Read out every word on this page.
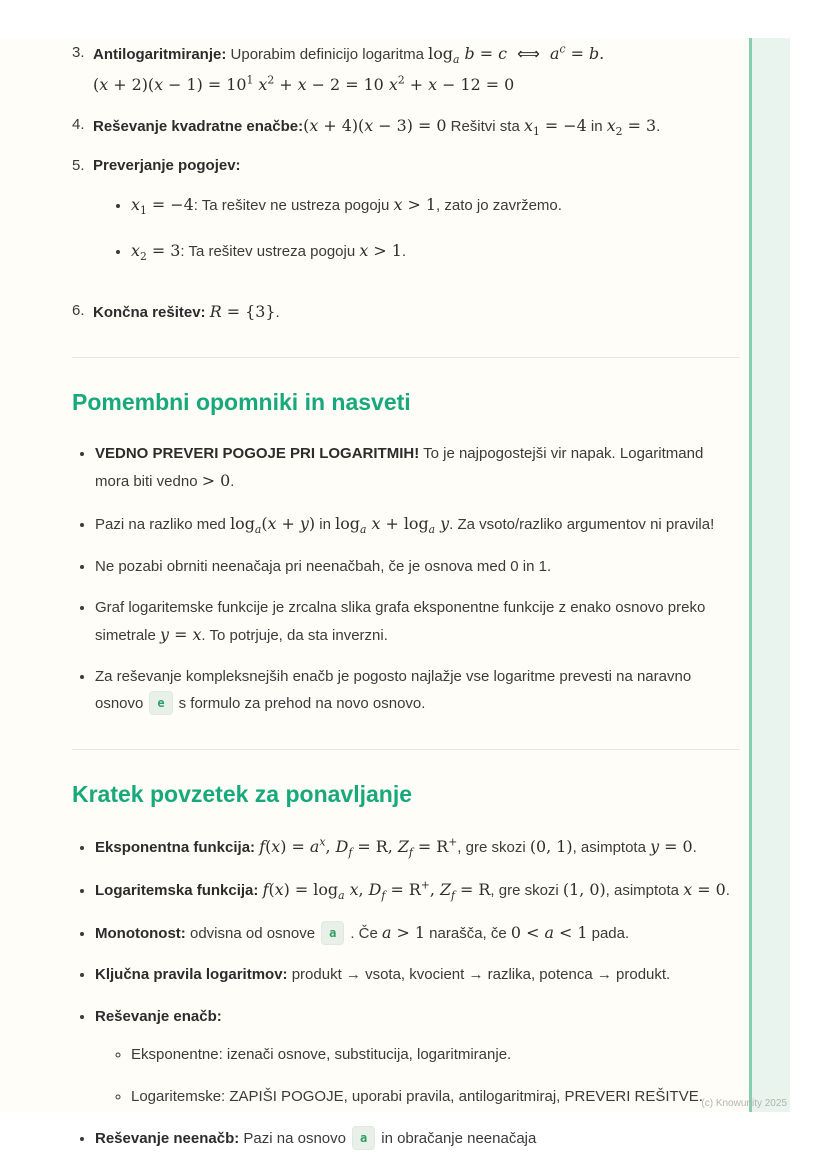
3. Antilogaritmiranje: Uporabim definicijo logaritma $\log_a b = c$ ⟺ $a^c = b$.
$(x + 2)(x - 1) = 10^1$ $x^2 + x - 2 = 10$ $x^2 + x - 12 = 0$
4. Reševanje kvadratne enačbe:(x + 4)(x − 3) = 0 Rešitvi sta $x_1 = -4$ in $x_2 = 3$.
5. Preverjanje pogojev:
• $x_1 = -4$: Ta rešitev ne ustreza pogoju x > 1, zato jo zavržemo.
• $x_2 = 3$: Ta rešitev ustreza pogoju x > 1.
6. Končna rešitev: R = {3}.
Pomembni opomniki in nasveti
• VEDNO PREVERI POGOJE PRI LOGARITMIH! To je najpogostejši vir napak. Logaritmand mora biti vedno > 0.
• Pazi na razliko med $\log_a(x + y)$ in $\log_a x + \log_a y$. Za vsoto/razliko argumentov ni pravila!
• Ne pozabi obrniti neenačaja pri neenačbah, če je osnova med 0 in 1.
• Graf logaritemske funkcije je zrcalna slika grafa eksponentne funkcije z enako osnovo preko simetrale y = x. To potrjuje, da sta inverzni.
• Za reševanje kompleksnejših enačb je pogosto najlažje vse logaritme prevesti na naravno osnovo e s formulo za prehod na novo osnovo.
Kratek povzetek za ponavljanje
• Eksponentna funkcija: $f(x) = a^x$, $D_f = R$, $Z_f = R^+$, gre skozi (0, 1), asimptota y = 0.
• Logaritemska funkcija: $f(x) = \log_a x$, $D_f = R^+$, $Z_f = R$, gre skozi (1, 0), asimptota x = 0.
• Monotonost: odvisna od osnove a . Če a > 1 narašča, če 0 < a < 1 pada.
• Ključna pravila logaritmov: produkt → vsota, kvocient → razlika, potenca → produkt.
• Reševanje enačb:
◦ Eksponentne: izenači osnove, substitucija, logaritmiranje.
◦ Logaritemske: ZAPIŠI POGOJE, uporabi pravila, antilogaritmiraj, PREVERI REŠITVE.
• Reševanje neenačb: Pazi na osnovo a in obračanje neenačaja
(c) Knowunity 2025
